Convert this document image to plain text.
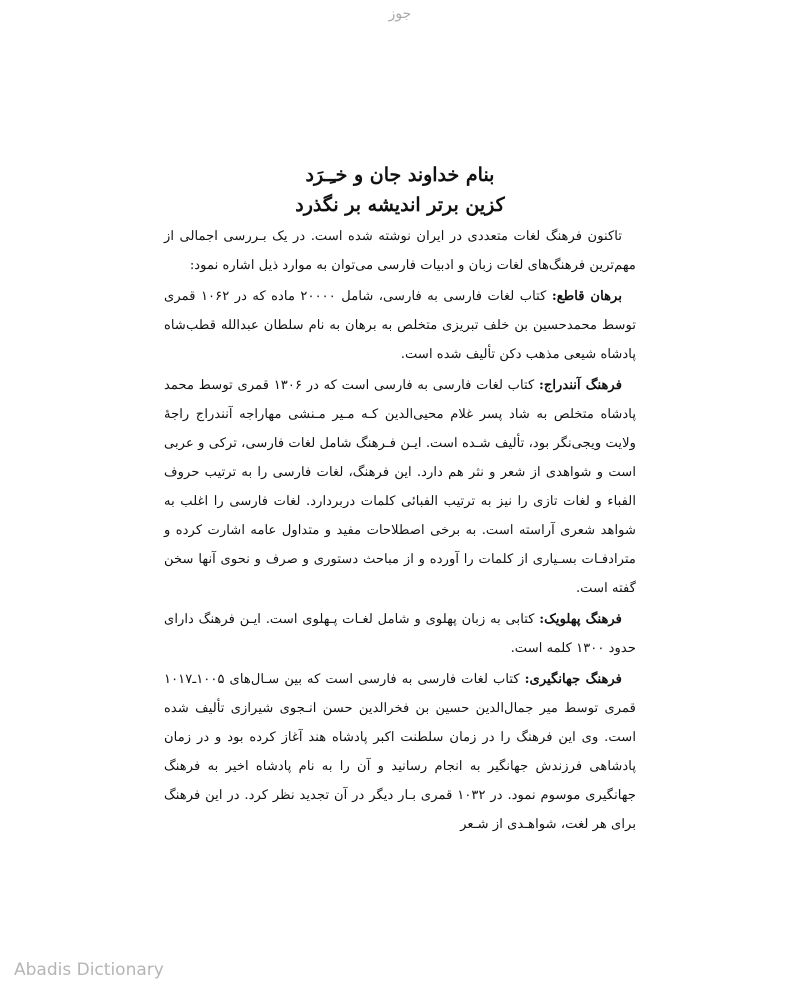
جوز
بنام خداوند جان و خـِـرَد
کزین برتر اندیشه بر نگذرد

تاکنون فرهنگ لغات متعددی در ایران نوشته شده است. در یک بـررسی اجمالی از مهم‌ترین فرهنگ‌های لغات زبان و ادبیات فارسی می‌توان به موارد ذیل اشاره نمود:

برهان قاطع: کتاب لغات فارسی به فارسی، شامل ۲۰۰۰۰ ماده که در ۱۰۶۲ قمری توسط محمدحسین بن خلف تبریزی متخلص به برهان به نام سلطان عبدالله قطب‌شاه پادشاه شیعی مذهب دکن تألیف شده است.

فرهنگ آنندراج: کتاب لغات فارسی به فارسی است که در ۱۳۰۶ قمری توسط محمد پادشاه متخلص به شاد پسر غلام محیی‌الدین کـه مـیر مـنشی مهاراجه آنندراج راجهٔ ولایت ویجی‌نگر بود، تألیف شـده است. ایـن فـرهنگ شامل لغات فارسی، ترکی و عربی است و شواهدی از شعر و نثر هم دارد. این فرهنگ، لغات فارسی را به ترتیب حروف الفباء و لغات تازی را نیز به ترتیب الفبائی کلمات دربردارد. لغات فارسی را اغلب به شواهد شعری آراسته است. به برخی اصطلاحات مفید و متداول عامه اشارت کرده و مترادفـات بسـیاری از کلمات را آورده و از مباحث دستوری و صرف و نحوی آنها سخن گفته است.

فرهنگ پهلویک: کتابی به زبان پهلوی و شامل لغـات پـهلوی است. ایـن فرهنگ دارای حدود ۱۳۰۰ کلمه است.

فرهنگ جهانگیری: کتاب لغات فارسی به فارسی است که بین سـال‌های ۱۰۰۵ـ۱۰۱۷ قمری توسط میر جمال‌الدین حسین بن فخرالدین حسن انـجوی شیرازی تألیف شده است. وی این فرهنگ را در زمان سلطنت اکبر پادشاه هند آغاز کرده بود و در زمان پادشاهی فرزندش جهانگیر به انجام رسانید و آن را به نام پادشاه اخیر به فرهنگ جهانگیری موسوم نمود. در ۱۰۳۲ قمری بـار دیگر در آن تجدید نظر کرد. در این فرهنگ برای هر لغت، شواهـدی از شـعر

Abadis Dictionary
